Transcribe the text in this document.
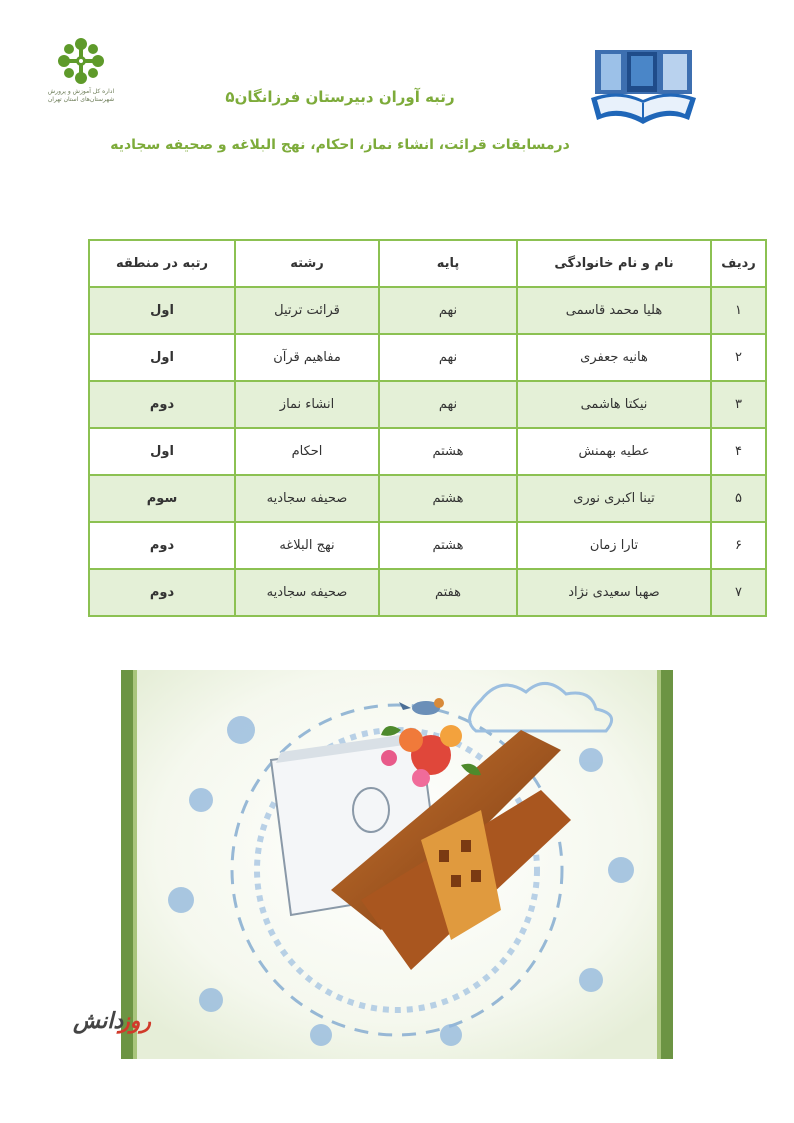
اداره کل آموزش و پرورش
شهرستان‌های استان تهران	رتبه آوران دبیرستان فرزانگان۵
درمسابقات قرائت، انشاء نماز، احکام، نهج البلاغه و صحیفه سجادیه
ردیف	نام و نام خانوادگی	پایه	رشته	رتبه در منطقه
۱	هلیا محمد قاسمی	نهم	قرائت ترتیل	اول
۲	هانیه جعفری	نهم	مفاهیم قرآن	اول
۳	نیکتا هاشمی	نهم	انشاء نماز	دوم
۴	عطیه بهمنش	هشتم	احکام	اول
۵	تینا اکبری نوری	هشتم	صحیفه سجادیه	سوم
۶	تارا زمان	هشتم	نهج البلاغه	دوم
۷	صهبا سعیدی نژاد	هفتم	صحیفه سجادیه	دوم
روزدانش
